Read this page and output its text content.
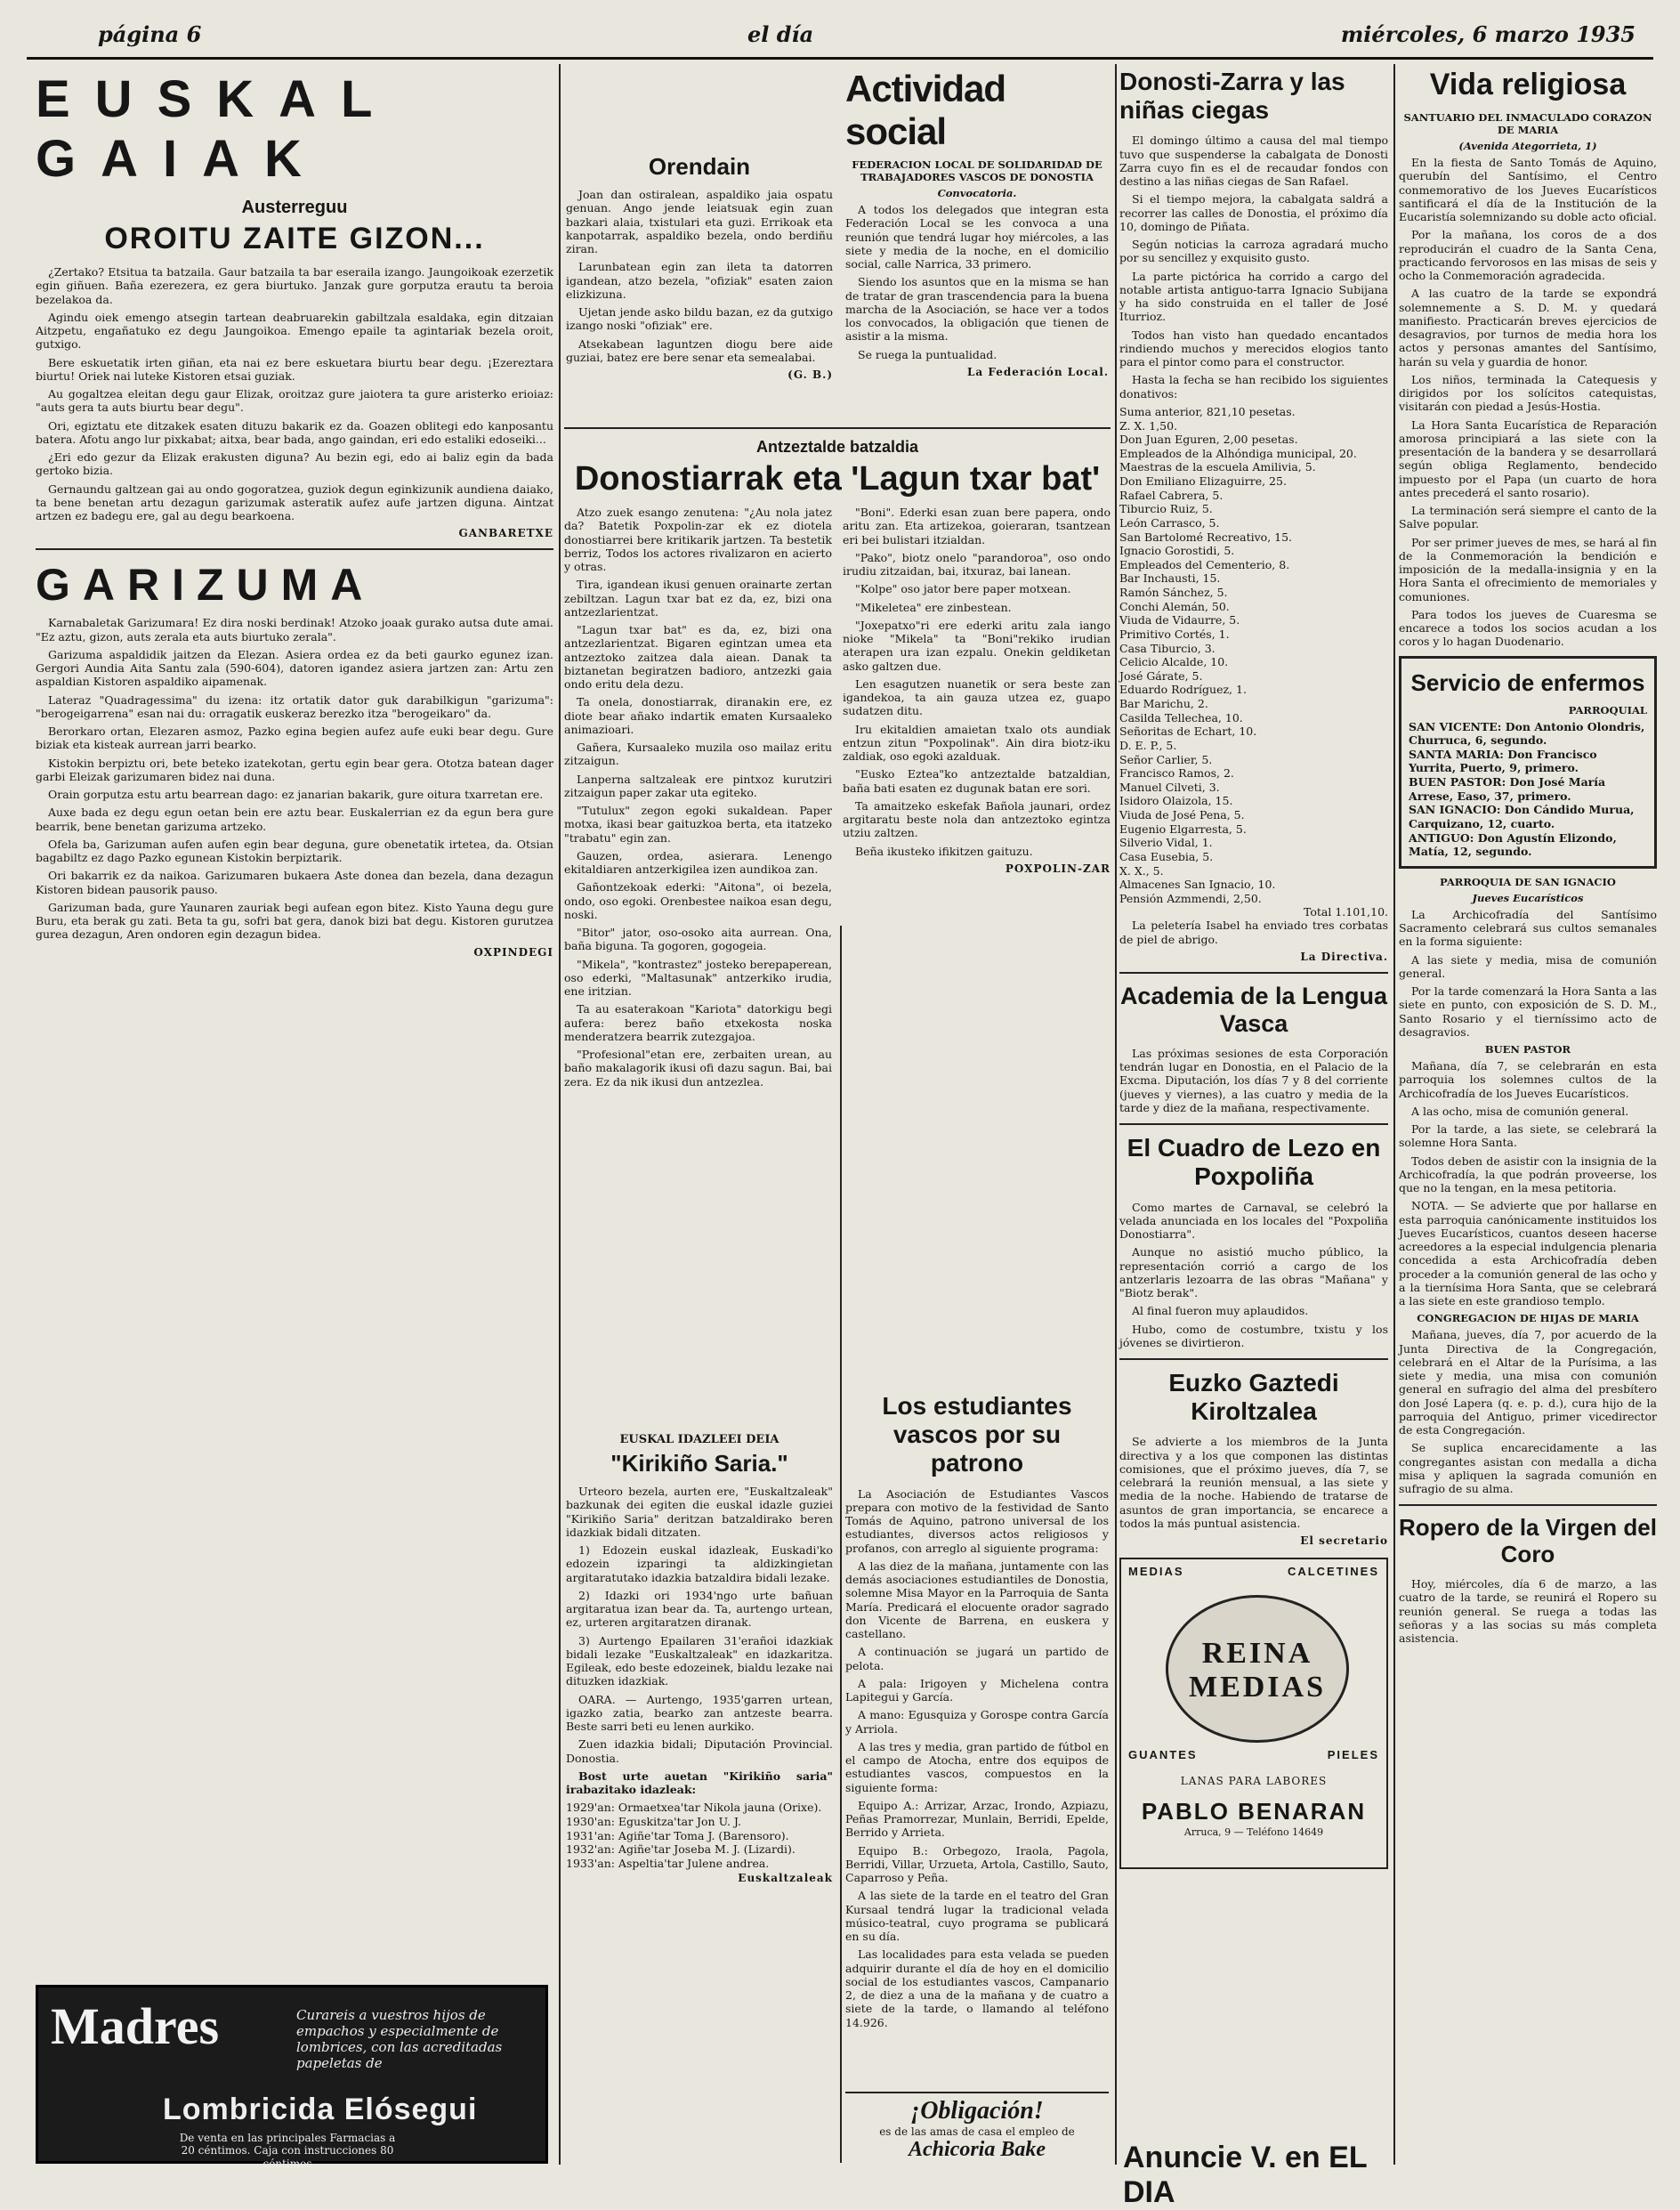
página 6	el día	miércoles, 6 marzo 1935
EUSKAL GAIAK
Austerreguu
OROITU ZAITE GIZON...

¿Zertako? Etsitua ta batzaila. Gaur batzaila ta bar eseraila izango. Jaungoikoak ezerzetik egin giñuen. Baña ezerezera, ez gera biurtuko. Janzak gure gorputza erautu ta beroia bezelakoa da.

Agindu oiek emengo atsegin tartean deabruarekin gabiltzala esaldaka, egin ditzaian Aitzpetu, engañatuko ez degu Jaungoikoa. Emengo epaile ta agintariak bezela oroit, gutxigo.

Bere eskuetatik irten giñan, eta nai ez bere eskuetara biurtu bear degu. ¡Ezereztara biurtu! Oriek nai luteke Kistoren etsai guziak.

Au gogaltzea eleitan degu gaur Elizak, oroitzaz gure jaiotera ta gure aristerko erioiaz: "auts gera ta auts biurtu bear degu".

Ori, egiztatu ete ditzakek esaten dituzu bakarik ez da. Goazen oblitegi edo kanposantu batera. Afotu ango lur pixkabat; aitxa, bear bada, ango gaindan, eri edo estaliki edoseiki...

¿Eri edo gezur da Elizak erakusten diguna? Au bezin egi, edo ai baliz egin da bada gertoko bizia.

Gernaundu galtzean gai au ondo gogoratzea, guziok degun eginkizunik aundiena daiako, ta bene benetan artu dezagun garizumak asteratik aufez aufe jartzen diguna. Aintzat artzen ez badegu ere, gal au degu bearkoena.

GANBARETXE
GARIZUMA

Karnabaletak Garizumara! Ez dira noski berdinak! Atzoko joaak gurako autsa dute amai. "Ez aztu, gizon, auts zerala eta auts biurtuko zerala".

Garizuma aspaldidik jaitzen da Elezan. Asiera ordea ez da beti gaurko egunez izan. Gergori Aundia Aita Santu zala (590-604), datoren igandez asiera jartzen zan: Artu zen aspaldian Kistoren aspaldiko aipamenak.

Lateraz "Quadragessima" du izena: itz ortatik dator guk darabilkigun "garizuma": "berogeigarrena" esan nai du: orragatik euskeraz berezko itza "berogeikaro" da.

Berorkaro ortan, Elezaren asmoz, Pazko egina begien aufez aufe euki bear degu. Gure biziak eta kisteak aurrean jarri bearko.

Kistokin berpiztu ori, bete beteko izatekotan, gertu egin bear gera. Ototza batean dager garbi Eleizak garizumaren bidez nai duna.

Orain gorputza estu artu bearrean dago: ez janarian bakarik, gure oitura txarretan ere.

Auxe bada ez degu egun oetan bein ere aztu bear. Euskalerrian ez da egun bera gure bearrik, bene benetan garizuma artzeko.

Ofela ba, Garizuman aufen aufen egin bear deguna, gure obenetatik irtetea, da. Otsian bagabiltz ez dago Pazko egunean Kistokin berpiztarik.

Ori bakarrik ez da naikoa. Garizumaren bukaera Aste donea dan bezela, dana dezagun Kistoren bidean pausorik pauso.

Garizuman bada, gure Yaunaren zauriak begi aufean egon bitez. Kisto Yauna degu gure Buru, eta berak gu zati. Beta ta gu, sofri bat gera, danok bizi bat degu. Kistoren gurutzea gurea dezagun, Aren ondoren egin dezagun bidea.

OXPINDEGI
Madres	Curareis a vuestros hijos de empachos y especialmente de lombrices, con las acreditadas papeletas de
Lombricida Elósegui
De venta en las principales Farmacias a 20 céntimos. Caja con instrucciones 80 céntimos
Orendain

Joan dan ostiralean, aspaldiko jaia ospatu genuan. Ango jende leiatsuak egin zuan bazkari alaia, txistulari eta guzi. Errikoak eta kanpotarrak, aspaldiko bezela, ondo berdiñu ziran.

Larunbatean egin zan ileta ta datorren igandean, atzo bezela, "ofiziak" esaten zaion elizkizuna.

Ujetan jende asko bildu bazan, ez da gutxigo izango noski "ofiziak" ere.

Atsekabean laguntzen diogu bere aide guziai, batez ere bere senar eta semealabai.

(G. B.)
Actividad social
FEDERACION LOCAL DE SOLIDARIDAD DE TRABAJADORES VASCOS DE DONOSTIA
Convocatoria.

A todos los delegados que integran esta Federación Local se les convoca a una reunión que tendrá lugar hoy miércoles, a las siete y media de la noche, en el domicilio social, calle Narrica, 33 primero.

Siendo los asuntos que en la misma se han de tratar de gran trascendencia para la buena marcha de la Asociación, se hace ver a todos los convocados, la obligación que tienen de asistir a la misma.

Se ruega la puntualidad.

La Federación Local.
Antzeztalde batzaldia
Donostiarrak eta 'Lagun txar bat'

Atzo zuek esango zenutena: "¿Au nola jatez da? Batetik Poxpolin-zar ek ez diotela donostiarrei bere kritikarik jartzen. Ta bestetik berriz, Todos los actores rivalizaron en acierto y otras.

Tira, igandean ikusi genuen orainarte zertan zebiltzan. Lagun txar bat ez da, ez, bizi ona antzezlarientzat.

"Lagun txar bat" es da, ez, bizi ona antzezlarientzat. Bigaren egintzan umea eta antzeztoko zaitzea dala aiean. Danak ta biztanetan begiratzen badioro, antzezki gaia ondo eritu dela dezu.

Ta onela, donostiarrak, diranakin ere, ez diote bear añako indartik ematen Kursaaleko animazioari.

Gañera, Kursaaleko muzila oso mailaz eritu zitzaigun.

Lanperna saltzaleak ere pintxoz kurutziri zitzaigun paper zakar uta egiteko.

"Tutulux" zegon egoki sukaldean. Paper motxa, ikasi bear gaituzkoa berta, eta itatzeko "trabatu" egin zan.

Gauzen, ordea, asierara. Lenengo ekitaldiaren antzerkigilea izen aundikoa zan.

Gañontzekoak ederki: "Aitona", oi bezela, ondo, oso egoki. Orenbestee naikoa esan degu, noski.

"Bitor" jator, oso-osoko aita aurrean. Ona, baña biguna. Ta gogoren, gogogeia.

"Mikela", "kontrastez" josteko berepaperean, oso ederki, "Maltasunak" antzerkiko irudia, ene iritzian.

Ta au esaterakoan "Kariota" datorkigu begi aufera: berez baño etxekosta noska menderatzera bearrik zutezgajoa.

"Profesional"etan ere, zerbaiten urean, au baño makalagorik ikusi ofi dazu sagun. Bai, bai zera. Ez da nik ikusi dun antzezlea.

"Boni". Ederki esan zuan bere papera, ondo aritu zan. Eta artizekoa, goieraran, tsantzean eri bei bulistari itzialdan.

"Pako", biotz onelo "parandoroa", oso ondo irudiu zitzaidan, bai, itxuraz, bai lanean.

"Kolpe" oso jator bere paper motxean.

"Mikeletea" ere zinbestean.

"Joxepatxo"ri ere ederki aritu zala iango nioke "Mikela" ta "Boni"rekiko irudian aterapen ura izan ezpalu. Onekin geldiketan asko galtzen due.

Len esagutzen nuanetik or sera beste zan igandekoa, ta ain gauza utzea ez, guapo sudatzen ditu.

Iru ekitaldien amaietan txalo ots aundiak entzun zitun "Poxpolinak". Ain dira biotz-iku zaldiak, oso egoki azalduak.

"Eusko Eztea"ko antzeztalde batzaldian, baña bati esaten ez dugunak batan ere sori.

Ta amaitzeko eskefak Bañola jaunari, ordez argitaratu beste nola dan antzeztoko egintza utziu zaltzen.

Beña ikusteko ifikitzen gaituzu.

POXPOLIN-ZAR
EUSKAL IDAZLEEI DEIA
"Kirikiño Saria."

Urteoro bezela, aurten ere, "Euskaltzaleak" bazkunak dei egiten die euskal idazle guziei "Kirikiño Saria" deritzan batzaldirako beren idazkiak bidali ditzaten.

1) Edozein euskal idazleak, Euskadi'ko edozein izparingi ta aldizkingietan argitaratutako idazkia batzaldira bidali lezake.

2) Idazki ori 1934'ngo urte bañuan argitaratua izan bear da. Ta, aurtengo urtean, ez, urteren argitaratzen diranak.

3) Aurtengo Epailaren 31'erañoi idazkiak bidali lezake "Euskaltzaleak" en idazkaritza. Egileak, edo beste edozeinek, bialdu lezake nai dituzken idazkiak.

OARA. — Aurtengo, 1935'garren urtean, igazko zatia, bearko zan antzeste bearra. Beste sarri beti eu lenen aurkiko.

Zuen idazkia bidali; Diputación Provincial. Donostia.

Bost urte auetan "Kirikiño saria" irabazitako idazleak:

1929'an: Ormaetxea'tar Nikola jauna (Orixe).
1930'an: Eguskitza'tar Jon U. J.
1931'an: Agiñe'tar Toma J. (Barensoro).
1932'an: Agiñe'tar Joseba M. J. (Lizardi).
1933'an: Aspeltia'tar Julene andrea.
Euskaltzaleak
Los estudiantes vascos por su patrono

La Asociación de Estudiantes Vascos prepara con motivo de la festividad de Santo Tomás de Aquino, patrono universal de los estudiantes, diversos actos religiosos y profanos, con arreglo al siguiente programa:

A las diez de la mañana, juntamente con las demás asociaciones estudiantiles de Donostia, solemne Misa Mayor en la Parroquia de Santa María. Predicará el elocuente orador sagrado don Vicente de Barrena, en euskera y castellano.

A continuación se jugará un partido de pelota.

A pala: Irigoyen y Michelena contra Lapitegui y García.

A mano: Egusquiza y Gorospe contra García y Arriola.

A las tres y media, gran partido de fútbol en el campo de Atocha, entre dos equipos de estudiantes vascos, compuestos en la siguiente forma:

Equipo A.: Arrizar, Arzac, Irondo, Azpiazu, Peñas Pramorrezar, Munlain, Berridi, Epelde, Berrido y Arrieta.

Equipo B.: Orbegozo, Iraola, Pagola, Berridi, Villar, Urzueta, Artola, Castillo, Sauto, Caparroso y Peña.

A las siete de la tarde en el teatro del Gran Kursaal tendrá lugar la tradicional velada músico-teatral, cuyo programa se publicará en su día.

Las localidades para esta velada se pueden adquirir durante el día de hoy en el domicilio social de los estudiantes vascos, Campanario 2, de diez a una de la mañana y de cuatro a siete de la tarde, o llamando al teléfono 14.926.

¡Obligación!
es de las amas de casa el empleo de
Achicoria Bake
Donosti-Zarra y las niñas ciegas

El domingo último a causa del mal tiempo tuvo que suspenderse la cabalgata de Donosti Zarra cuyo fin es el de recaudar fondos con destino a las niñas ciegas de San Rafael.

Si el tiempo mejora, la cabalgata saldrá a recorrer las calles de Donostia, el próximo día 10, domingo de Piñata.

Según noticias la carroza agradará mucho por su sencillez y exquisito gusto.

La parte pictórica ha corrido a cargo del notable artista antiguo-tarra Ignacio Subijana y ha sido construida en el taller de José Iturrioz.

Todos han visto han quedado encantados rindiendo muchos y merecidos elogios tanto para el pintor como para el constructor.

Hasta la fecha se han recibido los siguientes donativos:

Suma anterior, 821,10 pesetas.
Z. X. 1,50.
Don Juan Eguren, 2,00 pesetas.
Empleados de la Alhóndiga municipal, 20.
Maestras de la escuela Amilivia, 5.
Don Emiliano Elizaguirre, 25.
Rafael Cabrera, 5.
Tiburcio Ruiz, 5.
León Carrasco, 5.
San Bartolomé Recreativo, 15.
Ignacio Gorostidi, 5.
Empleados del Cementerio, 8.
Bar Inchausti, 15.
Ramón Sánchez, 5.
Conchi Alemán, 50.
Viuda de Vidaurre, 5.
Primitivo Cortés, 1.
Casa Tiburcio, 3.
Celicio Alcalde, 10.
José Gárate, 5.
Eduardo Rodríguez, 1.
Bar Marichu, 2.
Casilda Tellechea, 10.
Señoritas de Echart, 10.
D. E. P., 5.
Señor Carlier, 5.
Francisco Ramos, 2.
Manuel Cilveti, 3.
Isidoro Olaizola, 15.
Viuda de José Pena, 5.
Eugenio Elgarresta, 5.
Silverio Vidal, 1.
Casa Eusebia, 5.
X. X., 5.
Almacenes San Ignacio, 10.
Pensión Azmmendi, 2,50.
Total 1.101,10.

La peletería Isabel ha enviado tres corbatas de piel de abrigo.

La Directiva.
Academia de la Lengua Vasca

Las próximas sesiones de esta Corporación tendrán lugar en Donostia, en el Palacio de la Excma. Diputación, los días 7 y 8 del corriente (jueves y viernes), a las cuatro y media de la tarde y diez de la mañana, respectivamente.

El Cuadro de Lezo en Poxpoliña

Como martes de Carnaval, se celebró la velada anunciada en los locales del "Poxpoliña Donostiarra".

Aunque no asistió mucho público, la representación corrió a cargo de los antzerlaris lezoarra de las obras "Mañana" y "Biotz berak".

Al final fueron muy aplaudidos.

Hubo, como de costumbre, txistu y los jóvenes se divirtieron.

Euzko Gaztedi Kiroltzalea

Se advierte a los miembros de la Junta directiva y a los que componen las distintas comisiones, que el próximo jueves, día 7, se celebrará la reunión mensual, a las siete y media de la noche. Habiendo de tratarse de asuntos de gran importancia, se encarece a todos la más puntual asistencia.

El secretario
MEDIAS	CALCETINES
REINA MEDIAS
GUANTES	PIELES
LANAS PARA LABORES
PABLO BENARAN
Arruca, 9 — Teléfono 14649
Anuncie V. en EL DIA
Vida religiosa
SANTUARIO DEL INMACULADO CORAZON DE MARIA
(Avenida Ategorrieta, 1)

En la fiesta de Santo Tomás de Aquino, querubín del Santísimo, el Centro conmemorativo de los Jueves Eucarísticos santificará el día de la Institución de la Eucaristía solemnizando su doble acto oficial.

Por la mañana, los coros de a dos reproducirán el cuadro de la Santa Cena, practicando fervorosos en las misas de seis y ocho la Conmemoración agradecida.

A las cuatro de la tarde se expondrá solemnemente a S. D. M. y quedará manifiesto. Practicarán breves ejercicios de desagravios, por turnos de media hora los actos y personas amantes del Santísimo, harán su vela y guardia de honor.

Los niños, terminada la Catequesis y dirigidos por los solícitos catequistas, visitarán con piedad a Jesús-Hostia.

La Hora Santa Eucarística de Reparación amorosa principiará a las siete con la presentación de la bandera y se desarrollará según obliga Reglamento, bendecido impuesto por el Papa (un cuarto de hora antes precederá el santo rosario).

La terminación será siempre el canto de la Salve popular.

Por ser primer jueves de mes, se hará al fin de la Conmemoración la bendición e imposición de la medalla-insignia y en la Hora Santa el ofrecimiento de memoriales y comuniones.

Para todos los jueves de Cuaresma se encarece a todos los socios acudan a los coros y lo hagan Duodenario.

Servicio de enfermos
PARROQUIAL
SAN VICENTE: Don Antonio Olondris, Churruca, 6, segundo.
SANTA MARIA: Don Francisco Yurrita, Puerto, 9, primero.
BUEN PASTOR: Don José María Arrese, Easo, 37, primero.
SAN IGNACIO: Don Cándido Murua, Carquizano, 12, cuarto.
ANTIGUO: Don Agustín Elizondo, Matía, 12, segundo.
PARROQUIA DE SAN IGNACIO
Jueves Eucarísticos

La Archicofradía del Santísimo Sacramento celebrará sus cultos semanales en la forma siguiente:

A las siete y media, misa de comunión general.

Por la tarde comenzará la Hora Santa a las siete en punto, con exposición de S. D. M., Santo Rosario y el tierníssimo acto de desagravios.

BUEN PASTOR

Mañana, día 7, se celebrarán en esta parroquia los solemnes cultos de la Archicofradía de los Jueves Eucarísticos.

A las ocho, misa de comunión general.

Por la tarde, a las siete, se celebrará la solemne Hora Santa.

Todos deben de asistir con la insignia de la Archicofradía, la que podrán proveerse, los que no la tengan, en la mesa petitoria.

NOTA. — Se advierte que por hallarse en esta parroquia canónicamente instituidos los Jueves Eucarísticos, cuantos deseen hacerse acreedores a la especial indulgencia plenaria concedida a esta Archicofradía deben proceder a la comunión general de las ocho y a la tiernísima Hora Santa, que se celebrará a las siete en este grandioso templo.

CONGREGACION DE HIJAS DE MARIA

Mañana, jueves, día 7, por acuerdo de la Junta Directiva de la Congregación, celebrará en el Altar de la Purísima, a las siete y media, una misa con comunión general en sufragio del alma del presbítero don José Lapera (q. e. p. d.), cura hijo de la parroquia del Antiguo, primer vicedirector de esta Congregación.

Se suplica encarecidamente a las congregantes asistan con medalla a dicha misa y apliquen la sagrada comunión en sufragio de su alma.

Ropero de la Virgen del Coro

Hoy, miércoles, día 6 de marzo, a las cuatro de la tarde, se reunirá el Ropero su reunión general. Se ruega a todas las señoras y a las socias su más completa asistencia.
